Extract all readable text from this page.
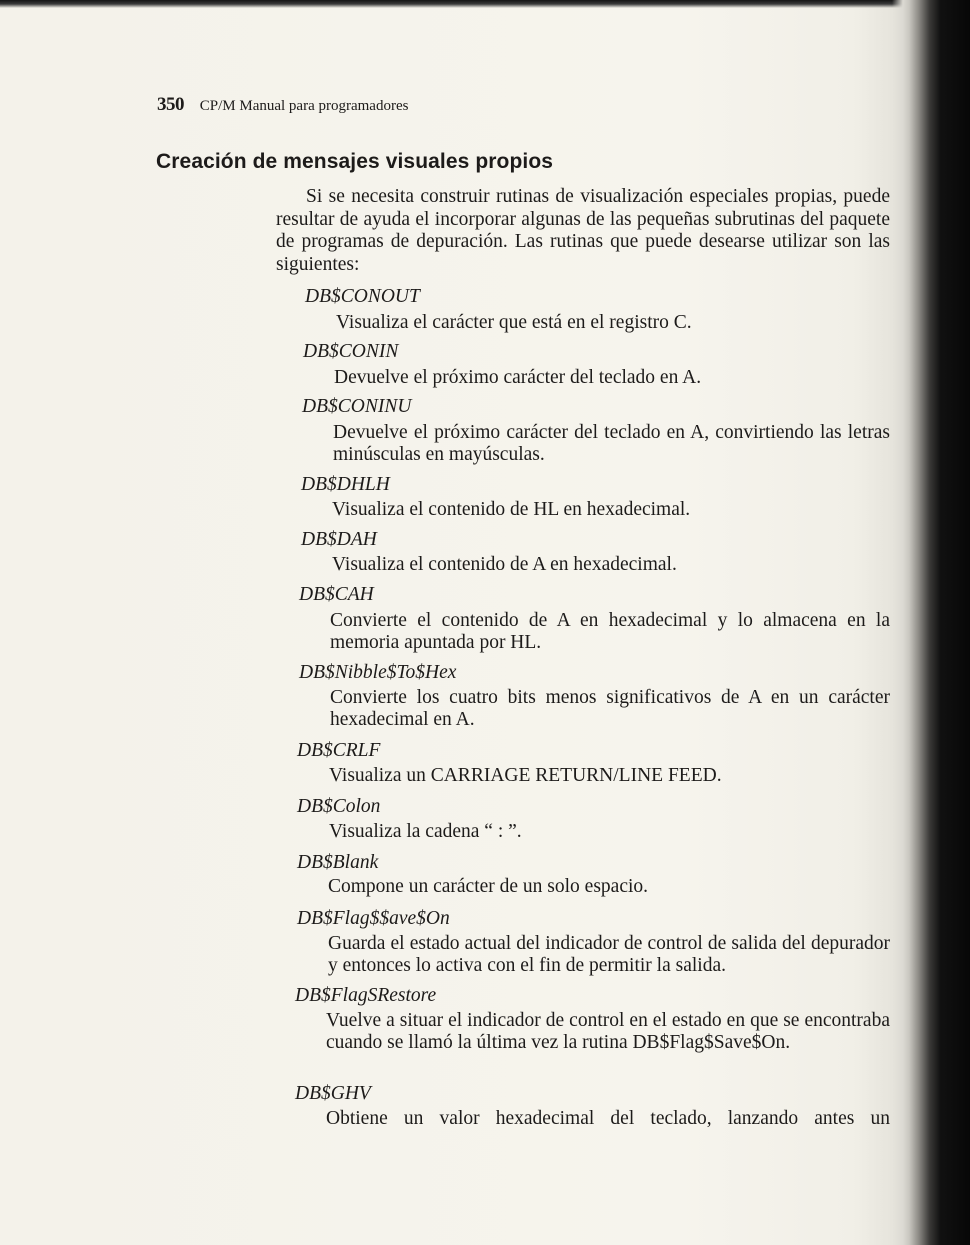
350 CP/M Manual para programadores
Creación de mensajes visuales propios

Si se necesita construir rutinas de visualización especiales propias, puede resultar de ayuda el incorporar algunas de las pequeñas subrutinas del paquete de programas de depuración. Las rutinas que puede desearse utilizar son las siguientes:

DB$CONOUT

Visualiza el carácter que está en el registro C.

DB$CONIN

Devuelve el próximo carácter del teclado en A.

DB$CONINU

Devuelve el próximo carácter del teclado en A, convirtiendo las letras minúsculas en mayúsculas.

DB$DHLH

Visualiza el contenido de HL en hexadecimal.

DB$DAH

Visualiza el contenido de A en hexadecimal.

DB$CAH

Convierte el contenido de A en hexadecimal y lo almacena en la memoria apuntada por HL.

DB$Nibble$To$Hex

Convierte los cuatro bits menos significativos de A en un carácter hexadecimal en A.

DB$CRLF

Visualiza un CARRIAGE RETURN/LINE FEED.

DB$Colon

Visualiza la cadena “ : ”.

DB$Blank

Compone un carácter de un solo espacio.

DB$Flag$$ave$On

Guarda el estado actual del indicador de control de salida del depurador y entonces lo activa con el fin de permitir la salida.

DB$FlagSRestore

Vuelve a situar el indicador de control en el estado en que se encontraba cuando se llamó la última vez la rutina DB$Flag$Save$On.

DB$GHV

Obtiene un valor hexadecimal del teclado, lanzando antes un
